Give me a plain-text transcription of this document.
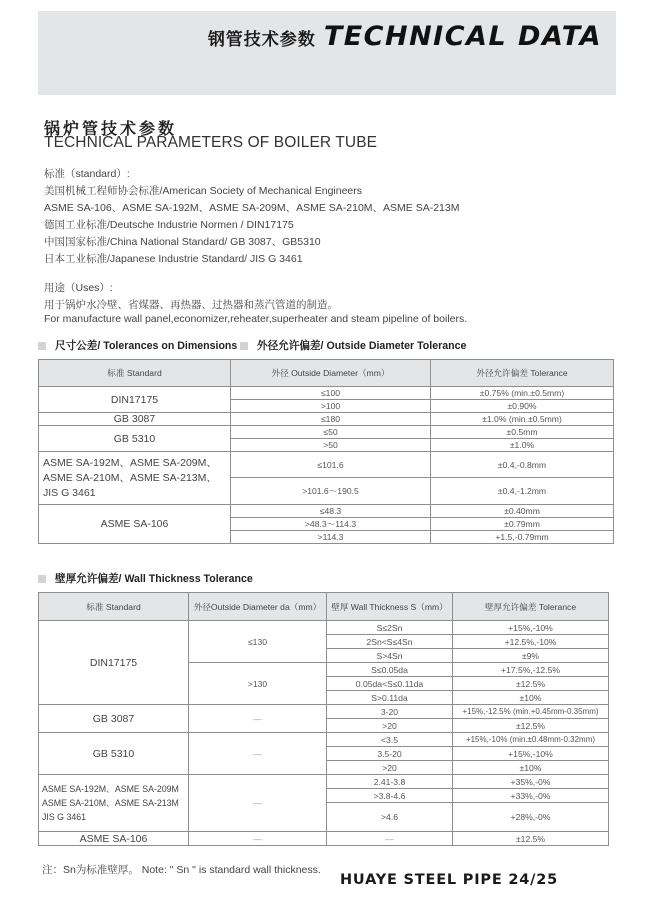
钢管技术参数 TECHNICAL DATA
锅炉管技术参数
TECHNICAL PARAMETERS OF BOILER TUBE
标准（standard）:
美国机械工程师协会标准/American Society of Mechanical Engineers
ASME SA-106、ASME SA-192M、ASME SA-209M、ASME SA-210M、ASME SA-213M
德国工业标准/Deutsche Industrie Normen / DIN17175
中国国家标准/China National Standard/ GB 3087、GB5310
日本工业标准/Japanese Industrie Standard/ JIS G 3461
用途（Uses）:
用于锅炉水冷壁、省煤器、再热器、过热器和蒸汽管道的制造。
For manufacture wall panel,economizer,reheater,superheater and steam pipeline of boilers.
尺寸公差/ Tolerances on Dimensions 外径允许偏差/ Outside Diameter Tolerance
标准 Standard	外径 Outside Diameter（mm）	外径允许偏差 Tolerance
DIN17175	≤100	±0.75% (min.±0.5mm)
	>100	±0.90%
GB 3087	≤180	±1.0% (min.±0.5mm)
GB 5310	≤50	±0.5mm
	>50	±1.0%
ASME SA-192M、ASME SA-209M、ASME SA-210M、ASME SA-213M、JIS G 3461	≤101.6	±0.4,-0.8mm
	>101.6～190.5	±0.4,-1.2mm
ASME SA-106	≤48.3	±0.40mm
	>48.3～114.3	±0.79mm
	>114.3	+1.5,-0.79mm
壁厚允许偏差/ Wall Thickness Tolerance
标准 Standard	外径Outside Diameter da（mm）	壁厚 Wall Thickness S（mm）	壁厚允许偏差 Tolerance
DIN17175	≤130	S≤2Sn	+15%,-10%
		2Sn<S≤4Sn	+12.5%,-10%
		S>4Sn	±9%
	>130	S≤0.05da	+17.5%,-12.5%
		0.05da<S≤0.11da	±12.5%
		S>0.11da	±10%
GB 3087	—	3-20	+15%,-12.5% (min.+0.45mm-0.35mm)
		>20	±12.5%
GB 5310	—	<3.5	+15%,-10% (min.±0.48mm-0.32mm)
		3.5-20	+15%,-10%
		>20	±10%
ASME SA-192M、ASME SA-209M ASME SA-210M、ASME SA-213M JIS G 3461	—	2.41-3.8	+35%,-0%
		>3.8-4.6	+33%,-0%
		>4.6	+28%,-0%
ASME SA-106	—	—	±12.5%
注：Sn为标准壁厚。 Note: " Sn " is standard wall thickness.
HUAYE STEEL PIPE 24/25
